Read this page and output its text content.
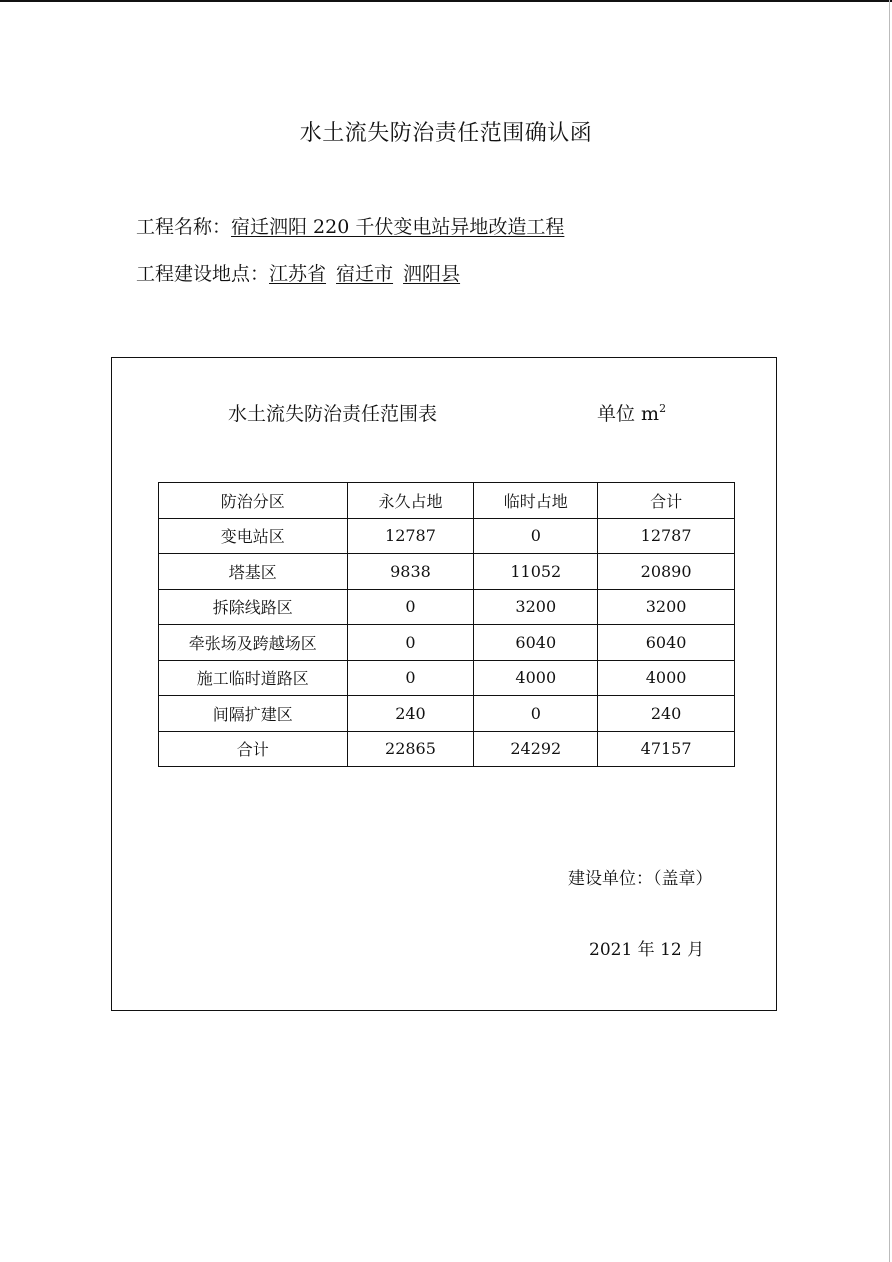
水土流失防治责任范围确认函
工程名称：宿迁泗阳 220 千伏变电站异地改造工程
工程建设地点：江苏省 宿迁市 泗阳县
水土流失防治责任范围表	单位 $m^2$
防治分区	永久占地	临时占地	合计
变电站区	12787	0	12787
塔基区	9838	11052	20890
拆除线路区	0	3200	3200
牵张场及跨越场区	0	6040	6040
施工临时道路区	0	4000	4000
间隔扩建区	240	0	240
合计	22865	24292	47157
建设单位：（盖章）
2021 年 12 月
